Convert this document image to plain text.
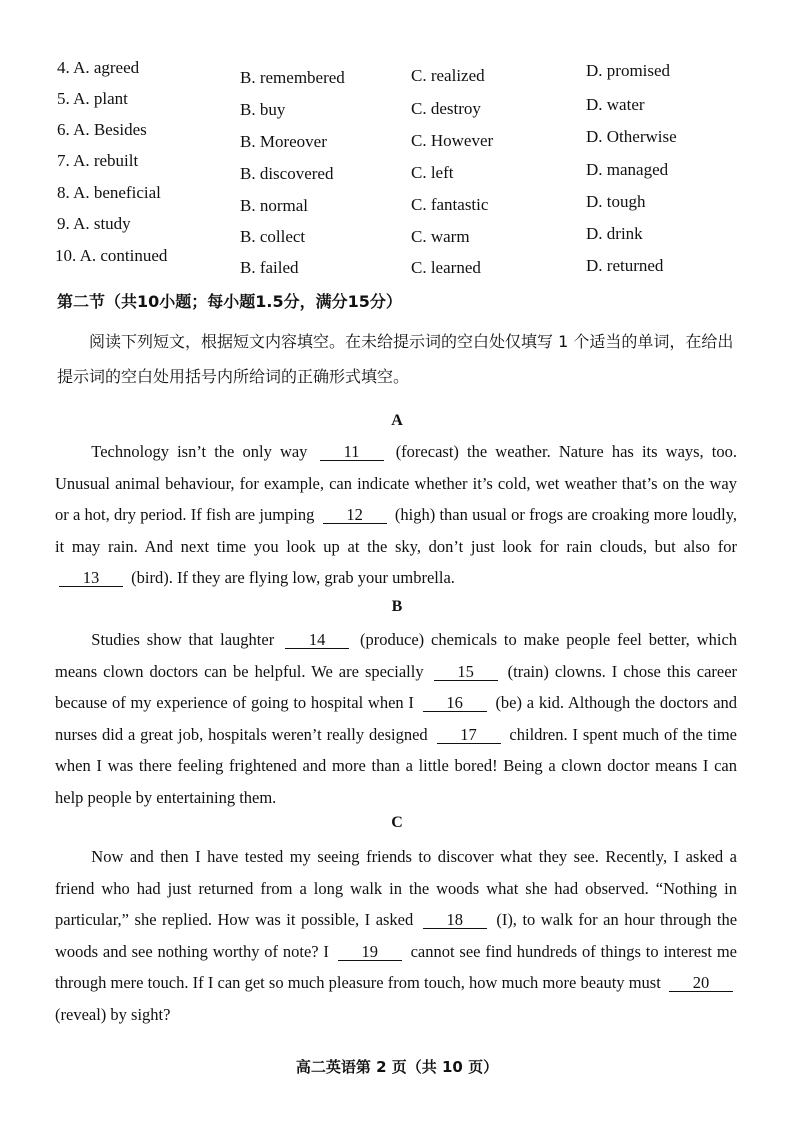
4. A. agreed
B. remembered	C. realized	D. promised
5. A. plant
B. buy	C. destroy	D. water
6. A. Besides
B. Moreover	C. However	D. Otherwise
7. A. rebuilt
B. discovered	C. left	D. managed
8. A. beneficial
B. normal	C. fantastic	D. tough
9. A. study
B. collect	C. warm	D. drink
10. A. continued
B. failed	C. learned	D. returned
第二节（共10小题；每小题1.5分，满分15分）
阅读下列短文，根据短文内容填空。在未给提示词的空白处仅填写 1 个适当的单词，在给出提示词的空白处用括号内所给词的正确形式填空。
A
Technology isn’t the only way 11 (forecast) the weather. Nature has its ways, too. Unusual animal behaviour, for example, can indicate whether it’s cold, wet weather that’s on the way or a hot, dry period. If fish are jumping 12 (high) than usual or frogs are croaking more loudly, it may rain. And next time you look up at the sky, don’t just look for rain clouds, but also for 13 (bird). If they are flying low, grab your umbrella.
B
Studies show that laughter 14 (produce) chemicals to make people feel better, which means clown doctors can be helpful. We are specially 15 (train) clowns. I chose this career because of my experience of going to hospital when I 16 (be) a kid. Although the doctors and nurses did a great job, hospitals weren’t really designed 17 children. I spent much of the time when I was there feeling frightened and more than a little bored! Being a clown doctor means I can help people by entertaining them.
C
Now and then I have tested my seeing friends to discover what they see. Recently, I asked a friend who had just returned from a long walk in the woods what she had observed. “Nothing in particular,” she replied. How was it possible, I asked 18 (I), to walk for an hour through the woods and see nothing worthy of note? I 19 cannot see find hundreds of things to interest me through mere touch. If I can get so much pleasure from touch, how much more beauty must 20 (reveal) by sight?
高二英语第 2 页（共 10 页）
